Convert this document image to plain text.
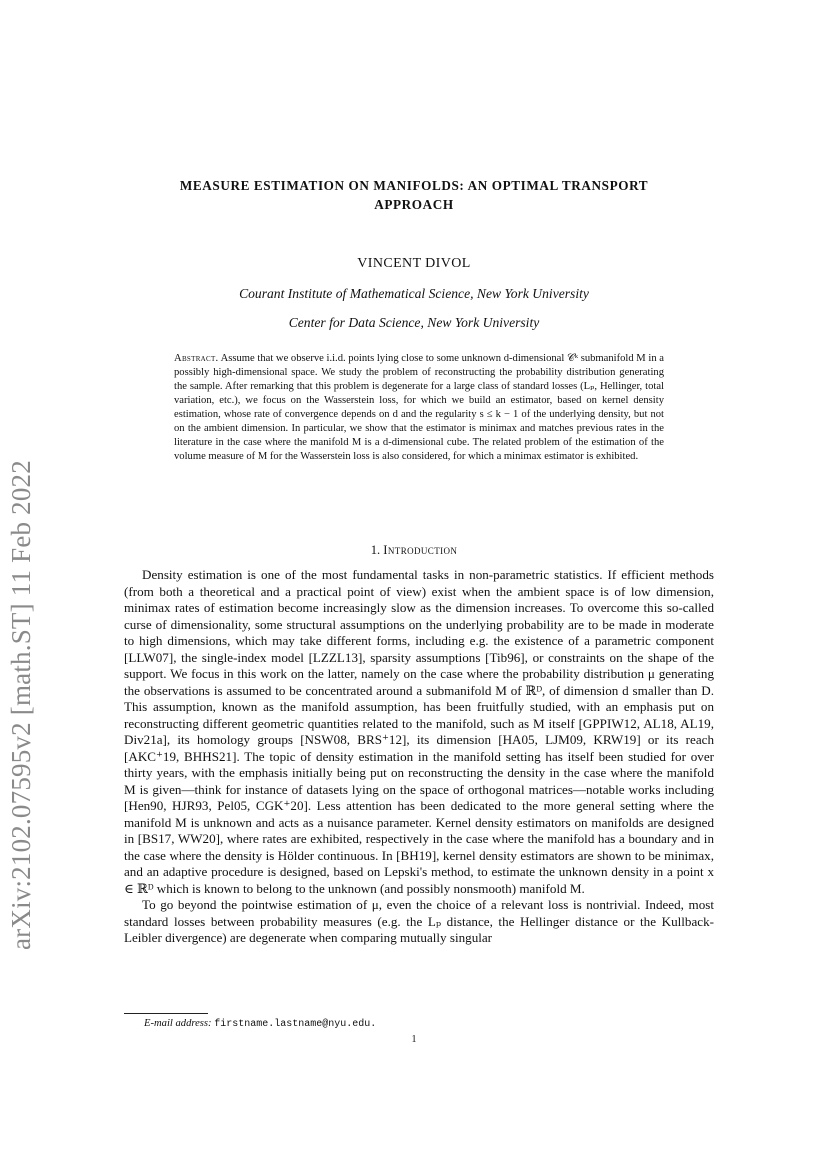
arXiv:2102.07595v2 [math.ST] 11 Feb 2022
MEASURE ESTIMATION ON MANIFOLDS: AN OPTIMAL TRANSPORT
APPROACH
VINCENT DIVOL
Courant Institute of Mathematical Science, New York University
Center for Data Science, New York University
Abstract. Assume that we observe i.i.d. points lying close to some unknown d-dimensional 𝒞ᵏ submanifold M in a possibly high-dimensional space. We study the problem of reconstructing the probability distribution generating the sample. After remarking that this problem is degenerate for a large class of standard losses (Lₚ, Hellinger, total variation, etc.), we focus on the Wasserstein loss, for which we build an estimator, based on kernel density estimation, whose rate of convergence depends on d and the regularity s ≤ k − 1 of the underlying density, but not on the ambient dimension. In particular, we show that the estimator is minimax and matches previous rates in the literature in the case where the manifold M is a d-dimensional cube. The related problem of the estimation of the volume measure of M for the Wasserstein loss is also considered, for which a minimax estimator is exhibited.
1. Introduction

Density estimation is one of the most fundamental tasks in non-parametric statistics. If efficient methods (from both a theoretical and a practical point of view) exist when the ambient space is of low dimension, minimax rates of estimation become increasingly slow as the dimension increases. To overcome this so-called curse of dimensionality, some structural assumptions on the underlying probability are to be made in moderate to high dimensions, which may take different forms, including e.g. the existence of a parametric component [LLW07], the single-index model [LZZL13], sparsity assumptions [Tib96], or constraints on the shape of the support. We focus in this work on the latter, namely on the case where the probability distribution μ generating the observations is assumed to be concentrated around a submanifold M of ℝᴰ, of dimension d smaller than D. This assumption, known as the manifold assumption, has been fruitfully studied, with an emphasis put on reconstructing different geometric quantities related to the manifold, such as M itself [GPPIW12, AL18, AL19, Div21a], its homology groups [NSW08, BRS⁺12], its dimension [HA05, LJM09, KRW19] or its reach [AKC⁺19, BHHS21]. The topic of density estimation in the manifold setting has itself been studied for over thirty years, with the emphasis initially being put on reconstructing the density in the case where the manifold M is given—think for instance of datasets lying on the space of orthogonal matrices—notable works including [Hen90, HJR93, Pel05, CGK⁺20]. Less attention has been dedicated to the more general setting where the manifold M is unknown and acts as a nuisance parameter. Kernel density estimators on manifolds are designed in [BS17, WW20], where rates are exhibited, respectively in the case where the manifold has a boundary and in the case where the density is Hölder continuous. In [BH19], kernel density estimators are shown to be minimax, and an adaptive procedure is designed, based on Lepski's method, to estimate the unknown density in a point x ∈ ℝᴰ which is known to belong to the unknown (and possibly nonsmooth) manifold M.

To go beyond the pointwise estimation of μ, even the choice of a relevant loss is nontrivial. Indeed, most standard losses between probability measures (e.g. the Lₚ distance, the Hellinger distance or the Kullback-Leibler divergence) are degenerate when comparing mutually singular

E-mail address: firstname.lastname@nyu.edu.
1
